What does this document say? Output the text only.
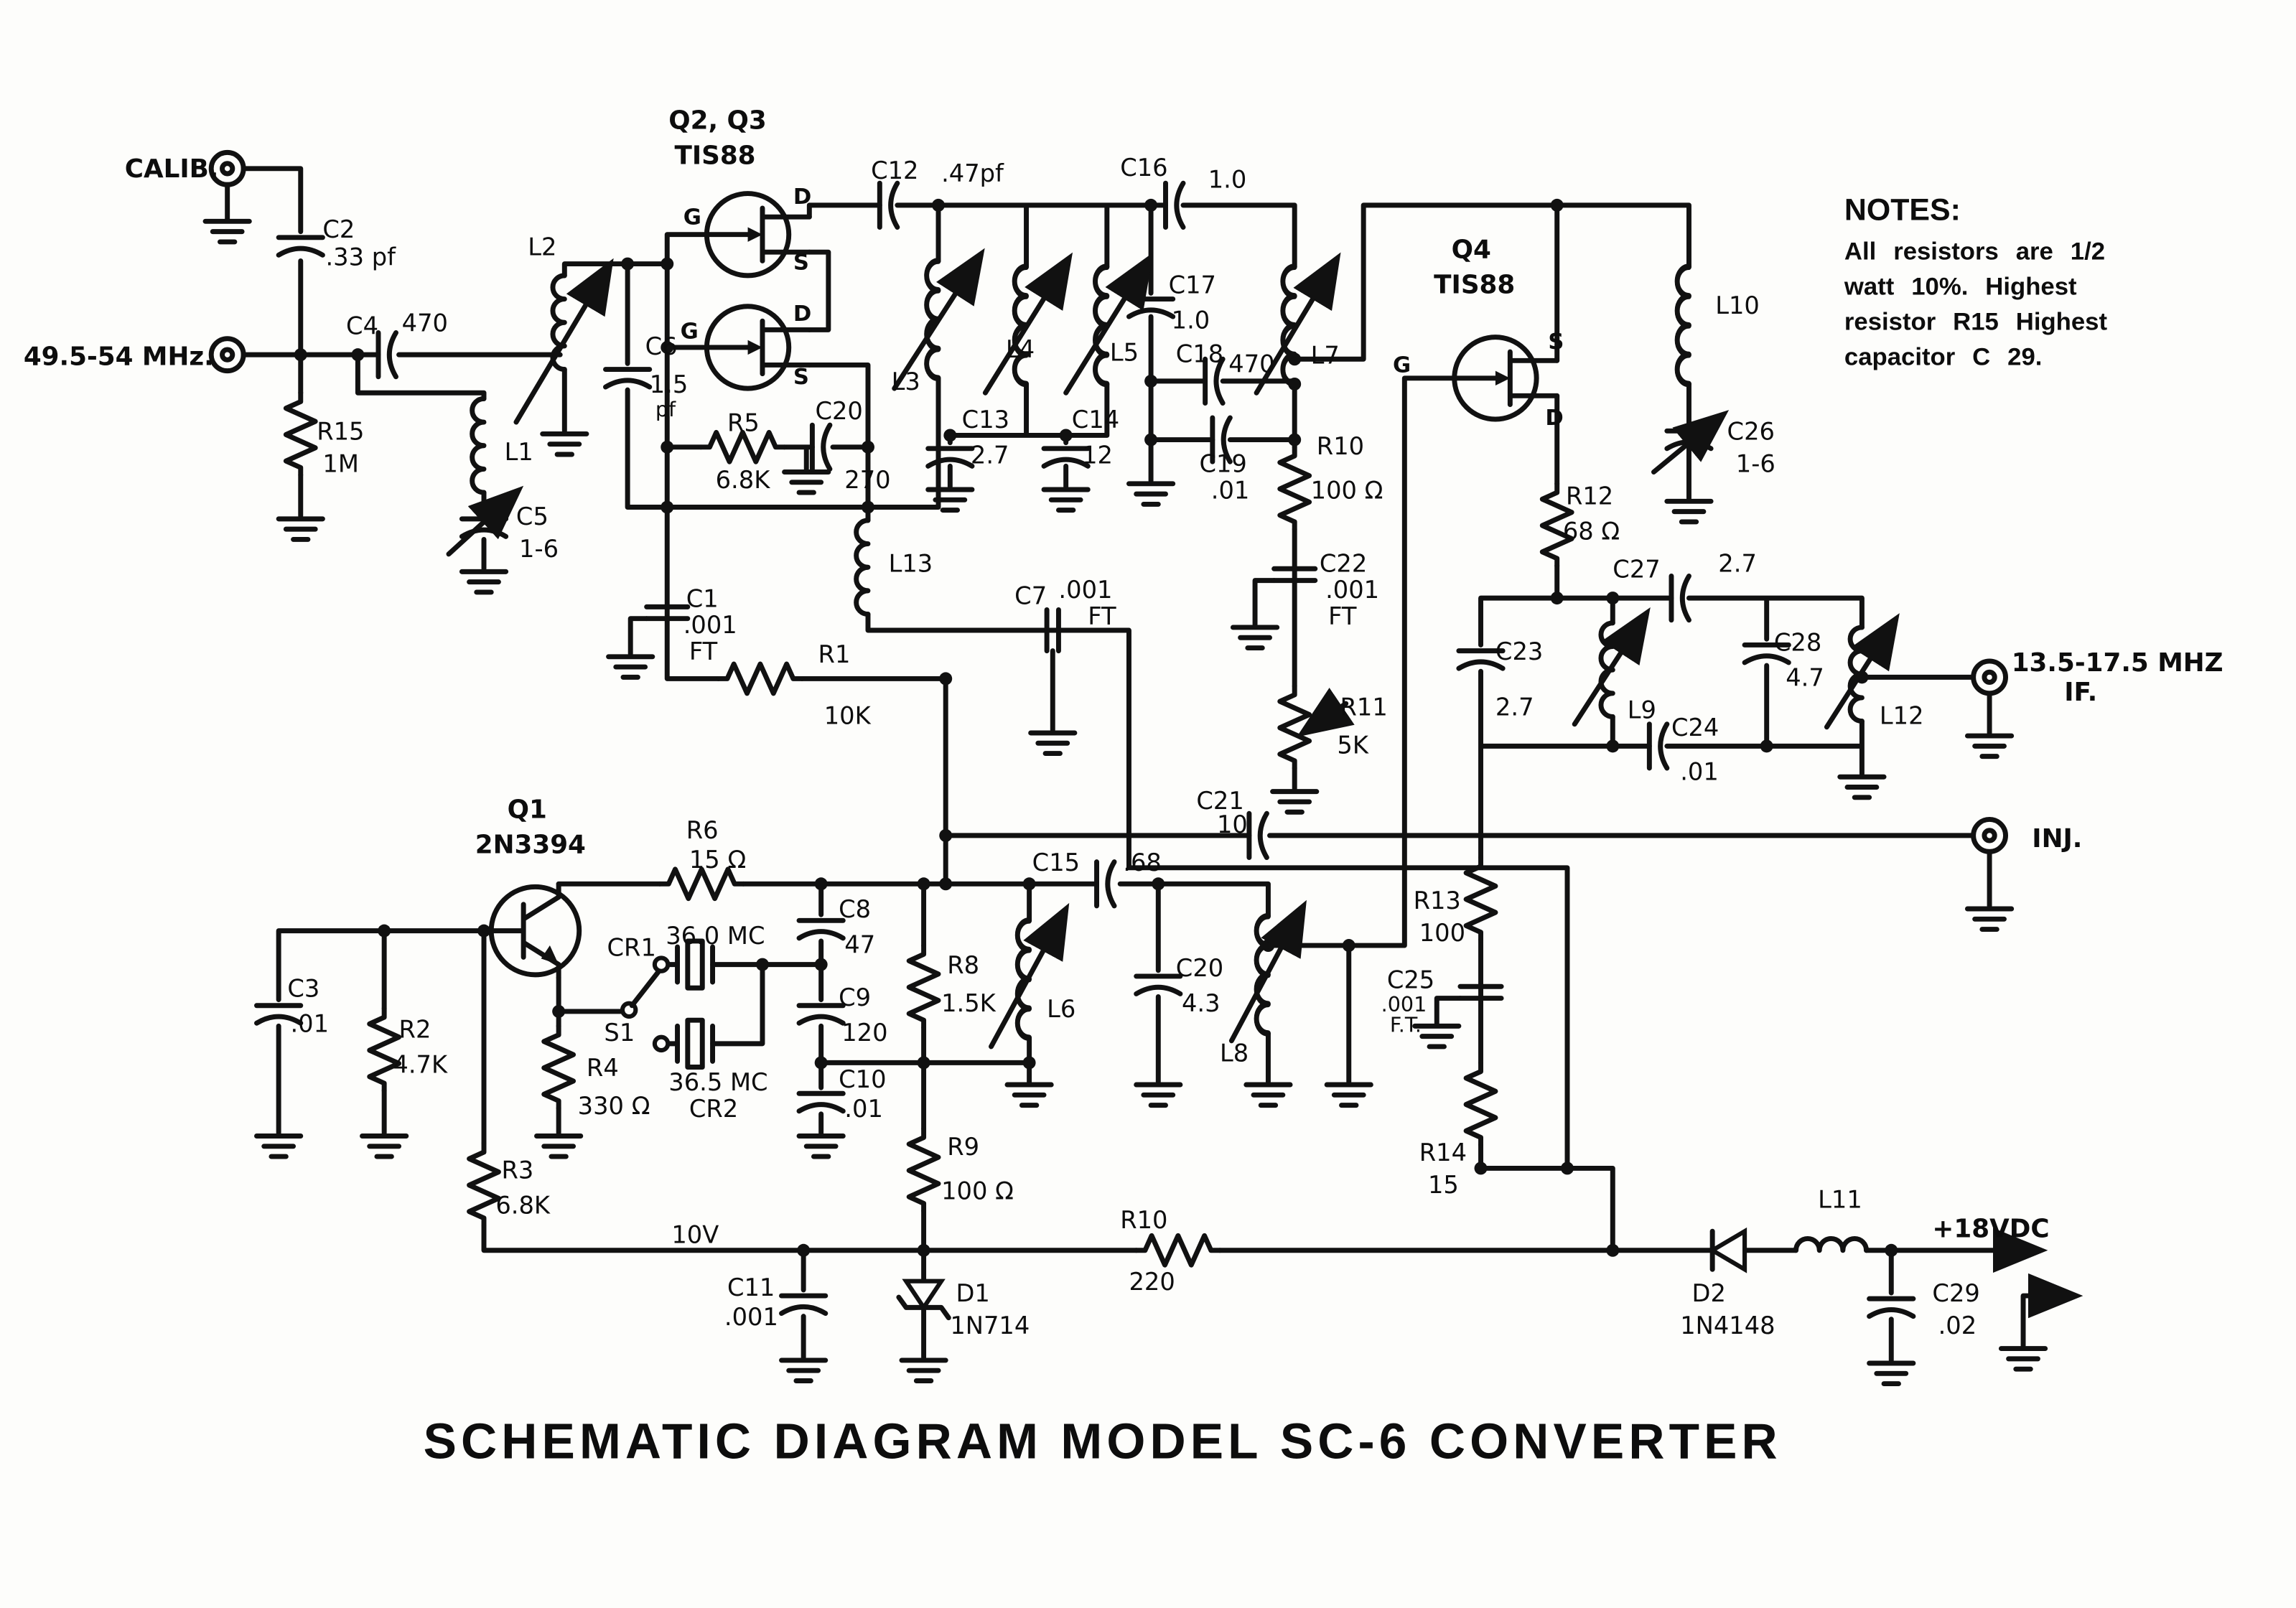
CALIB.
49.5-54 MHz.
C2
.33 pf
C4 470
R15
1M	L1
C5
1-6
L2
C6
1.5
pf
Q2, Q3
TIS88
G
D
S
G
D
S
R5
6.8K
C20
270
C1
.001
FT
C12 .47pf
L3
C13
2.7
L4
C14
12
L5
C16	1.0
C17
1.0
C18 470
C19
.01
L7
R10
100 Ω
C22
.001
FT
R11
5K
L13
R1
10K
C7 .001
FT
Q4
TIS88
G
S
D
L10
C26
1-6
R12
68 Ω
C23
2.7	L9
C27	2.7
C28
4.7
C24
.01
L12
13.5-17.5 MHZ
IF.
INJ.
C21
10
C15	.68
Q1
2N3394	R6
15 Ω
CR1 36.0 MC
S1
36.5 MC
CR2
C8
47
C9
120
C10
.01
R4
330 Ω
R2
4.7K
C3
.01
R3
6.8K
R8
1.5K	L6
C20
4.3
L8
R13
100
C25
.001
F.T.
R14
15
R9
100 Ω
10V
C11
.001
D1
1N714
R10
220	D2
1N4148
L11
+18VDC
C29
.02
NOTES:
All resistors are 1/2
watt 10%. Highest
resistor R15 Highest
capacitor C 29.
SCHEMATIC DIAGRAM MODEL SC-6 CONVERTER
